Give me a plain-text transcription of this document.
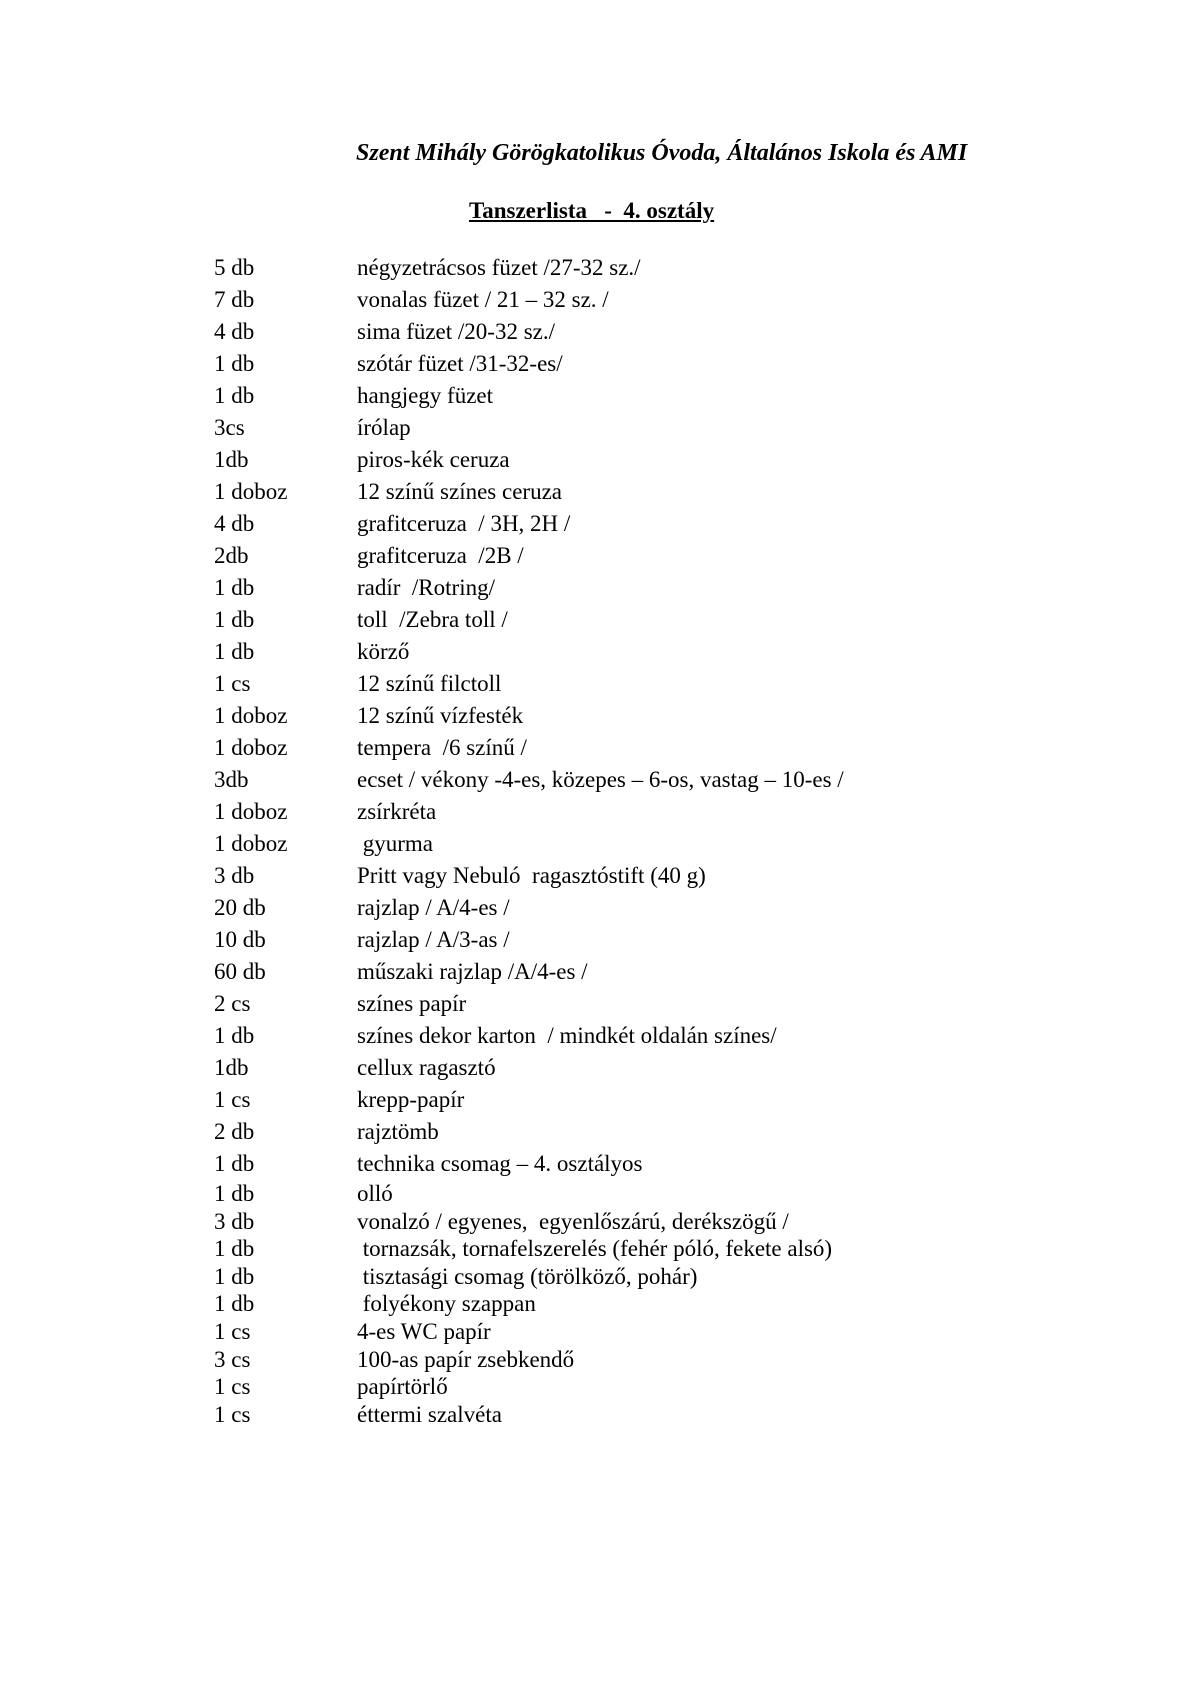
Szent Mihály Görögkatolikus Óvoda, Általános Iskola és AMI
Tanszerlista   -  4. osztály
5 db	négyzetrácsos füzet /27-32 sz./
7 db	vonalas füzet / 21 – 32 sz. /
4 db	sima füzet /20-32 sz./
1 db	szótár füzet /31-32-es/
1 db	hangjegy füzet
3cs	írólap
1db	piros-kék ceruza
1 doboz	12 színű színes ceruza
4 db	grafitceruza  / 3H, 2H /
2db	grafitceruza  /2B /
1 db	radír  /Rotring/
1 db	toll  /Zebra toll /
1 db	körző
1 cs	12 színű filctoll
1 doboz	12 színű vízfesték
1 doboz	tempera  /6 színű /
3db	ecset / vékony -4-es, közepes – 6-os, vastag – 10-es /
1 doboz	zsírkréta
1 doboz	gyurma
3 db	Pritt vagy Nebuló  ragasztóstift (40 g)
20 db	rajzlap / A/4-es /
10 db	rajzlap / A/3-as /
60 db	műszaki rajzlap /A/4-es /
2 cs	színes papír
1 db	színes dekor karton  / mindkét oldalán színes/
1db	cellux ragasztó
1 cs	krepp-papír
2 db	rajztömb
1 db	technika csomag – 4. osztályos
1 db	olló
3 db	vonalzó / egyenes,  egyenlőszárú, derékszögű /
1 db	tornazsák, tornafelszerelés (fehér póló, fekete alsó)
1 db	tisztasági csomag (törölköző, pohár)
1 db	folyékony szappan
1 cs	4-es WC papír
3 cs	100-as papír zsebkendő
1 cs	papírtörlő
1 cs	éttermi szalvéta
